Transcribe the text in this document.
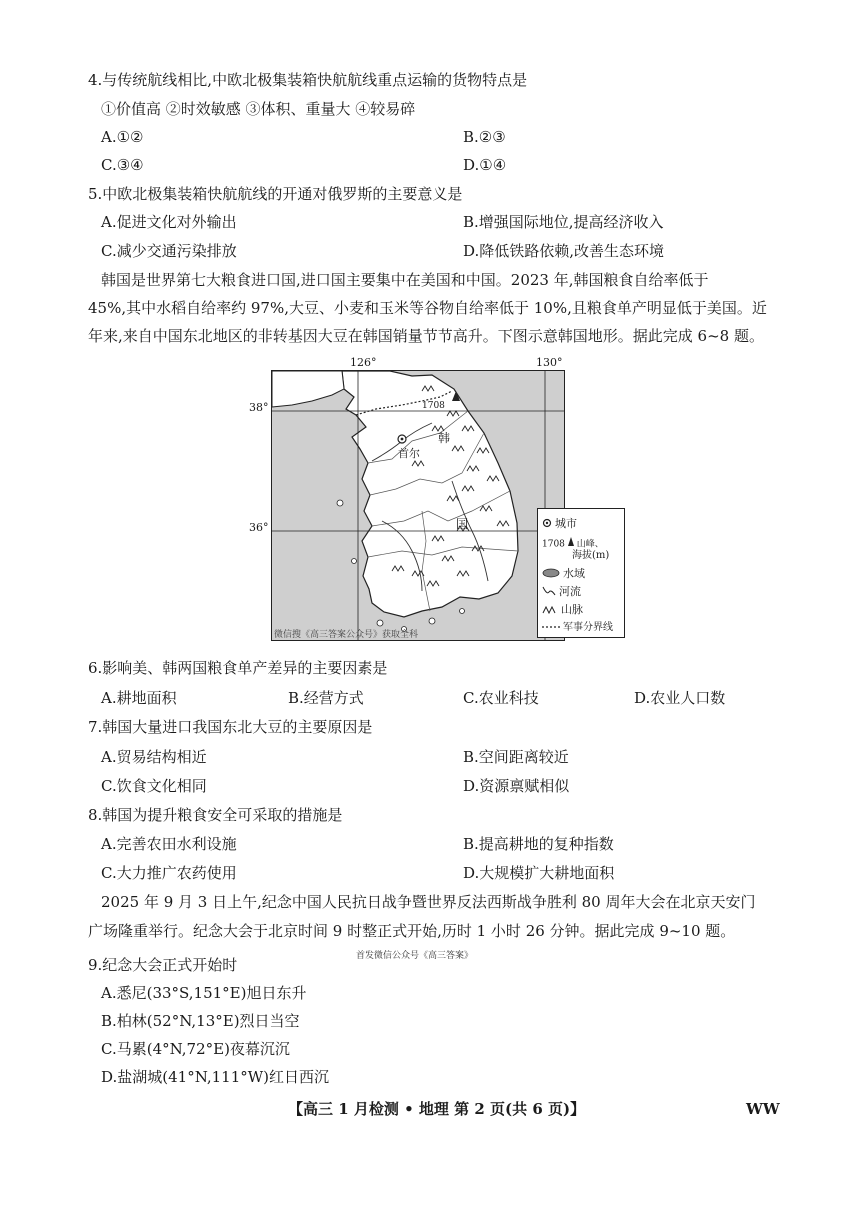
4.与传统航线相比,中欧北极集装箱快航航线重点运输的货物特点是
①价值高 ②时效敏感 ③体积、重量大 ④较易碎
A.①②	B.②③
C.③④	D.①④
5.中欧北极集装箱快航航线的开通对俄罗斯的主要意义是
A.促进文化对外输出	B.增强国际地位,提高经济收入
C.减少交通污染排放	D.降低铁路依赖,改善生态环境
韩国是世界第七大粮食进口国,进口国主要集中在美国和中国。2023 年,韩国粮食自给率低于
45%,其中水稻自给率约 97%,大豆、小麦和玉米等谷物自给率低于 10%,且粮食单产明显低于美国。近
年来,来自中国东北地区的非转基因大豆在韩国销量节节高升。下图示意韩国地形。据此完成 6~8 题。
126°	130°
38°
36°
韩
国
首尔
1708
微信搜《高三答案公众号》获取全科
城市
1708 山峰、
海拔(m)
水域
河流
山脉
军事分界线
6.影响美、韩两国粮食单产差异的主要因素是
A.耕地面积	B.经营方式	C.农业科技	D.农业人口数
7.韩国大量进口我国东北大豆的主要原因是
A.贸易结构相近	B.空间距离较近
C.饮食文化相同	D.资源禀赋相似
8.韩国为提升粮食安全可采取的措施是
A.完善农田水利设施	B.提高耕地的复种指数
C.大力推广农药使用	D.大规模扩大耕地面积
2025 年 9 月 3 日上午,纪念中国人民抗日战争暨世界反法西斯战争胜利 80 周年大会在北京天安门
广场隆重举行。纪念大会于北京时间 9 时整正式开始,历时 1 小时 26 分钟。据此完成 9~10 题。
首发微信公众号《高三答案》
9.纪念大会正式开始时
A.悉尼(33°S,151°E)旭日东升
B.柏林(52°N,13°E)烈日当空
C.马累(4°N,72°E)夜幕沉沉
D.盐湖城(41°N,111°W)红日西沉
【高三 1 月检测 • 地理 第 2 页(共 6 页)】	WW
